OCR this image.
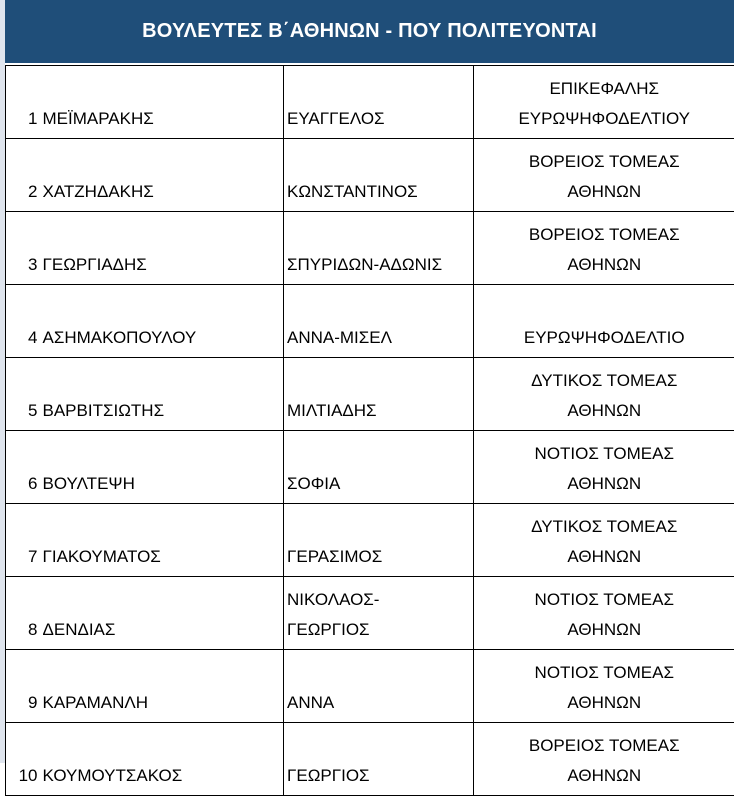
ΒΟΥΛΕΥΤΕΣ Β΄ΑΘΗΝΩΝ - ΠΟΥ ΠΟΛΙΤΕΥΟΝΤΑΙ
1	ΜΕΪΜΑΡΑΚΗΣ	ΕΥΑΓΓΕΛΟΣ	ΕΠΙΚΕΦΑΛΗΣ
ΕΥΡΩΨΗΦΟΔΕΛΤΙΟΥ

2	ΧΑΤΖΗΔΑΚΗΣ	ΚΩΝΣΤΑΝΤΙΝΟΣ	ΒΟΡΕΙΟΣ ΤΟΜΕΑΣ
ΑΘΗΝΩΝ

3	ΓΕΩΡΓΙΑΔΗΣ	ΣΠΥΡΙΔΩΝ-ΑΔΩΝΙΣ	ΒΟΡΕΙΟΣ ΤΟΜΕΑΣ
ΑΘΗΝΩΝ

4	ΑΣΗΜΑΚΟΠΟΥΛΟΥ	ΑΝΝΑ-ΜΙΣΕΛ	ΕΥΡΩΨΗΦΟΔΕΛΤΙΟ

5	ΒΑΡΒΙΤΣΙΩΤΗΣ	ΜΙΛΤΙΑΔΗΣ	ΔΥΤΙΚΟΣ ΤΟΜΕΑΣ
ΑΘΗΝΩΝ

6	ΒΟΥΛΤΕΨΗ	ΣΟΦΙΑ	ΝΟΤΙΟΣ ΤΟΜΕΑΣ
ΑΘΗΝΩΝ

7	ΓΙΑΚΟΥΜΑΤΟΣ	ΓΕΡΑΣΙΜΟΣ	ΔΥΤΙΚΟΣ ΤΟΜΕΑΣ
ΑΘΗΝΩΝ

8	ΔΕΝΔΙΑΣ	ΝΙΚΟΛΑΟΣ-
ΓΕΩΡΓΙΟΣ	ΝΟΤΙΟΣ ΤΟΜΕΑΣ
ΑΘΗΝΩΝ

9	ΚΑΡΑΜΑΝΛΗ	ΑΝΝΑ	ΝΟΤΙΟΣ ΤΟΜΕΑΣ
ΑΘΗΝΩΝ

10	ΚΟΥΜΟΥΤΣΑΚΟΣ	ΓΕΩΡΓΙΟΣ	ΒΟΡΕΙΟΣ ΤΟΜΕΑΣ
ΑΘΗΝΩΝ
